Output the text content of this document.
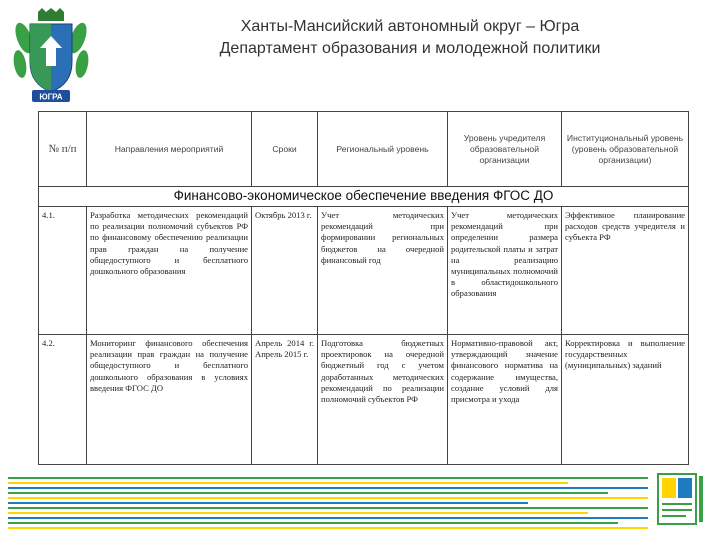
ЮГРА
Ханты-Мансийский автономный округ – Югра
Департамент образования и молодежной политики
№ п/п	Направления мероприятий	Сроки	Региональный уровень	Уровень учредителя образовательной организации	Институциональный уровень (уровень образовательной организации)
Финансово-экономическое обеспечение введения ФГОС ДО					
4.1.	Разработка методических рекомендаций по реализации полномочий субъектов РФ по финансовому обеспечению реализации прав граждан на получение общедоступного и бесплатного дошкольного образования	Октябрь 2013 г.	Учет методических рекомендаций при формировании региональных бюджетов на очередной финансовый год	Учет методических рекомендаций при определении размера родительской платы и затрат на реализацию муниципальных полномочий в областидошкольного образования	Эффективное планирование расходов средств учредителя и субъекта РФ
4.2.	Мониторинг финансового обеспечения реализации прав граждан на получение общедоступного и бесплатного дошкольного образования в условиях введения ФГОС ДО	Апрель 2014 г. Апрель 2015 г.	Подготовка бюджетных проектировок на очередной бюджетный год с учетом доработанных методических рекомендаций по реализации полномочий субъектов РФ	Нормативно-правовой акт, утверждающий значение финансового норматива на содержание имущества, создание условий для присмотра и ухода	Корректировка и выполнение государственных (муниципальных) заданий
